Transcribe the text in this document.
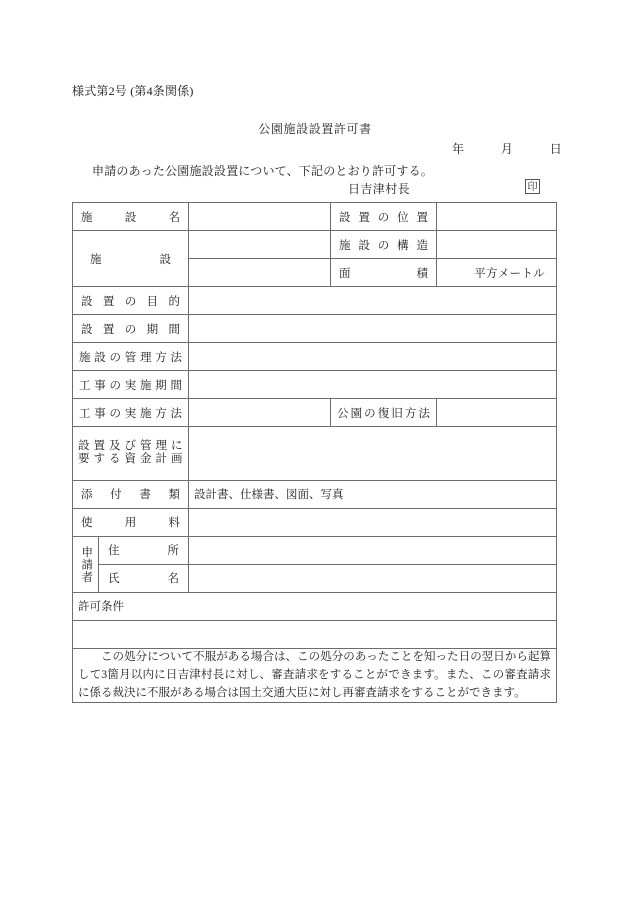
様式第2号 (第4条関係)
公園施設設置許可書
年	月	日
申請のあった公園施設設置について、下記のとおり許可する。
日吉津村長	印
施 設 名			設 置 の 位 置	

施 設			施 設 の 構 造	

			面 積	平方メートル

設 置 の 目 的				

設 置 の 期 間				

施 設 の 管 理 方 法

工 事 の 実 施 期 間

工 事 の 実 施 方 法		公 園 の 復 旧 方 法

設 置 及 び 管 理 に
要 す る 資 金 計 画

添 付 書 類		設計書、仕様書、図面、写真		

使 用 料				

申請者	住 所			

	氏 名			

許可条件				

この処分について不服がある場合は、この処分のあったことを知った日の翌日から起算して3箇月以内に日吉津村長に対し、審査請求をすることができます。また、この審査請求に係る裁決に不服がある場合は国土交通大臣に対し再審査請求をすることができます。				
